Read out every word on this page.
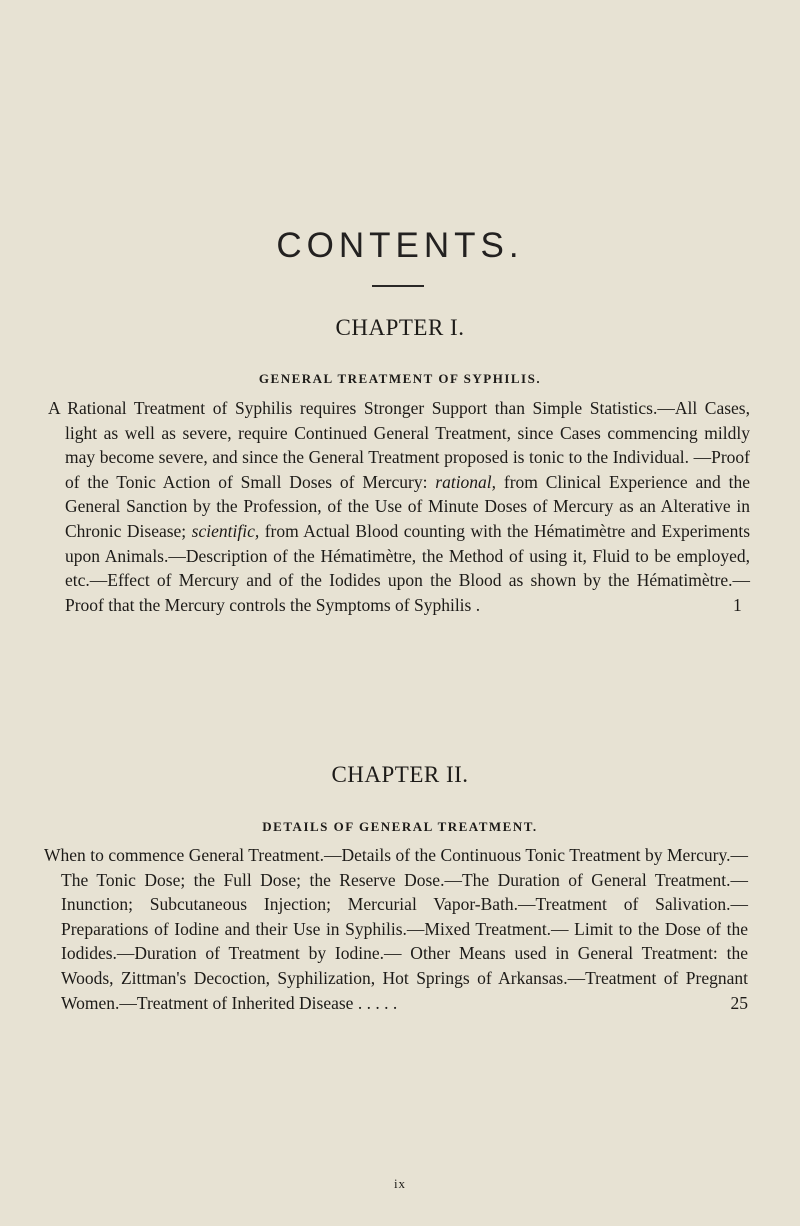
CONTENTS.
CHAPTER I.
GENERAL TREATMENT OF SYPHILIS.

A Rational Treatment of Syphilis requires Stronger Support than Simple Statistics.—All Cases, light as well as severe, require Continued General Treatment, since Cases commencing mildly may become severe, and since the General Treatment proposed is tonic to the Individual. —Proof of the Tonic Action of Small Doses of Mercury: rational, from Clinical Experience and the General Sanction by the Profession, of the Use of Minute Doses of Mercury as an Alterative in Chronic Disease; scientific, from Actual Blood counting with the Hématimètre and Experiments upon Animals.—Description of the Hématimètre, the Method of using it, Fluid to be employed, etc.—Effect of Mercury and of the Iodides upon the Blood as shown by the Hématimètre.— Proof that the Mercury controls the Symptoms of Syphilis .	1

CHAPTER II.
DETAILS OF GENERAL TREATMENT.

When to commence General Treatment.—Details of the Continuous Tonic Treatment by Mercury.—The Tonic Dose; the Full Dose; the Reserve Dose.—The Duration of General Treatment.—Inunction; Subcutaneous Injection; Mercurial Vapor-Bath.—Treatment of Salivation.— Preparations of Iodine and their Use in Syphilis.—Mixed Treatment.— Limit to the Dose of the Iodides.—Duration of Treatment by Iodine.— Other Means used in General Treatment: the Woods, Zittman's Decoction, Syphilization, Hot Springs of Arkansas.—Treatment of Pregnant Women.—Treatment of Inherited Disease . . . . .	25

ix
